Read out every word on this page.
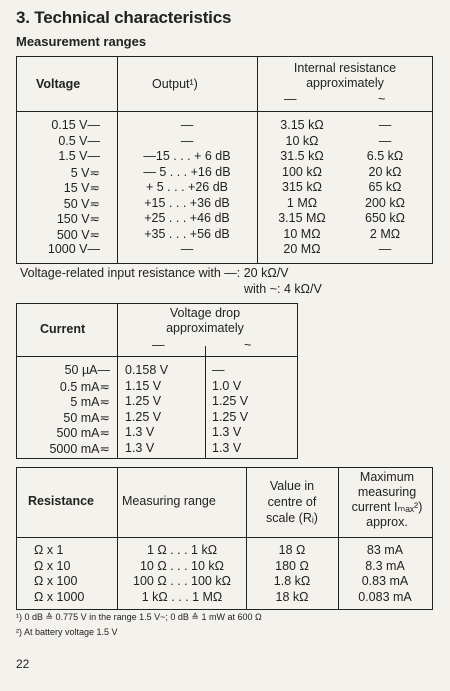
3. Technical characteristics
Measurement ranges
Voltage	Output¹)
Internal resistance approximately
—	~
0.15 V—	—	3.15 kΩ	—
0.5 V—	—	10 kΩ	—
1.5 V—	—15 . . . + 6 dB	31.5 kΩ	6.5 kΩ
5 V≂	— 5 . . . +16 dB	100 kΩ	20 kΩ
15 V≂	+ 5 . . . +26 dB	315 kΩ	65 kΩ
50 V≂	+15 . . . +36 dB	1 MΩ	200 kΩ
150 V≂	+25 . . . +46 dB	3.15 MΩ	650 kΩ
500 V≂	+35 . . . +56 dB	10 MΩ	2 MΩ
1000 V—	—	20 MΩ	—
Voltage-related input resistance with —: 20 kΩ/V
with ~: 4 kΩ/V
Current
Voltage drop approximately
—	~
50 µA— 0.158 V	—
0.5 mA≂ 1.15 V	1.0 V
5 mA≂ 1.25 V	1.25 V
50 mA≂ 1.25 V	1.25 V
500 mA≂ 1.3 V	1.3 V
5000 mA≂ 1.3 V	1.3 V
Resistance Measuring range
Value in centre of scale (Rᵢ)
Maximum measuring current Iₘₐₓ²) approx.
Ω x 1	1 Ω . . . 1 kΩ	18 Ω	83 mA
Ω x 10	10 Ω . . . 10 kΩ	180 Ω	8.3 mA
Ω x 100	100 Ω . . . 100 kΩ	1.8 kΩ	0.83 mA
Ω x 1000	1 kΩ . . . 1 MΩ	18 kΩ	0.083 mA
¹) 0 dB ≙ 0.775 V in the range 1.5 V~; 0 dB ≙ 1 mW at 600 Ω
²) At battery voltage 1.5 V
22
